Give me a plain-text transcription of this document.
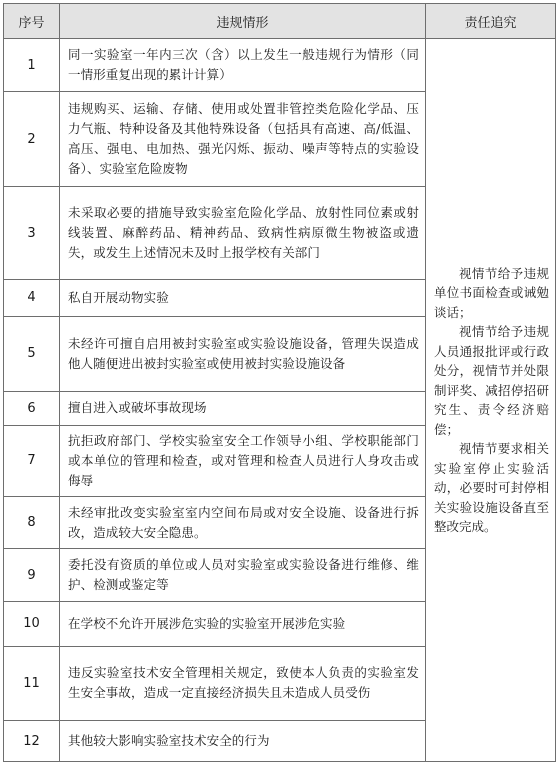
序号	违规情形	责任追究
1	同一实验室一年内三次（含）以上发生一般违规行为情形（同一情形重复出现的累计计算）	视情节给予违规单位书面检查或诫勉谈话；

视情节给予违规人员通报批评或行政处分，视情节并处限制评奖、减招停招研究生、责令经济赔偿；

视情节要求相关实验室停止实验活动，必要时可封停相关实验设施设备直至整改完成。

2	违规购买、运输、存储、使用或处置非管控类危险化学品、压力气瓶、特种设备及其他特殊设备（包括具有高速、高/低温、高压、强电、电加热、强光闪烁、振动、噪声等特点的实验设备）、实验室危险废物	
3	未采取必要的措施导致实验室危险化学品、放射性同位素或射线装置、麻醉药品、精神药品、致病性病原微生物被盗或遗失，或发生上述情况未及时上报学校有关部门	
4	私自开展动物实验	
5	未经许可擅自启用被封实验室或实验设施设备，管理失误造成他人随便进出被封实验室或使用被封实验设施设备	
6	擅自进入或破坏事故现场	
7	抗拒政府部门、学校实验室安全工作领导小组、学校职能部门或本单位的管理和检查，或对管理和检查人员进行人身攻击或侮辱	
8	未经审批改变实验室室内空间布局或对安全设施、设备进行拆改，造成较大安全隐患。	
9	委托没有资质的单位或人员对实验室或实验设备进行维修、维护、检测或鉴定等	
10	在学校不允许开展涉危实验的实验室开展涉危实验	
11	违反实验室技术安全管理相关规定，致使本人负责的实验室发生安全事故，造成一定直接经济损失且未造成人员受伤	
12	其他较大影响实验室技术安全的行为	
